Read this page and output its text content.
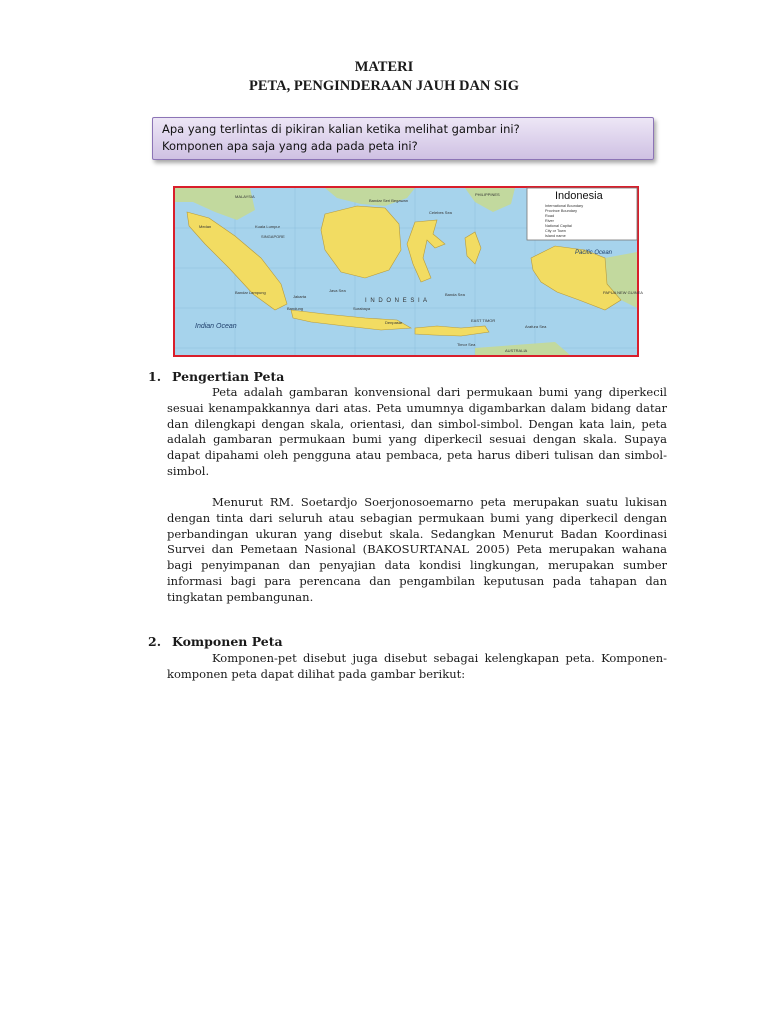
MATERI
PETA, PENGINDERAAN JAUH DAN SIG
Apa yang terlintas di pikiran kalian ketika melihat gambar ini?
Komponen apa saja yang ada pada peta ini?
Indonesia
International Boundary
Province Boundary
Road
River
National Capital
City or Town
Island name
Indian Ocean
Pacific Ocean
I N D O N E S I A
MALAYSIA	PHILIPPINES
Bandar Seri Begawan
Kuala Lumpur
SINGAPORE
Celebes Sea
Java Sea
Jakarta
Bandung	Surabaya
Denpasar
Banda Sea
Arafura Sea
PAPUA NEW GUINEA
AUSTRALIA
Timor Sea
EAST TIMOR
Bandar Lampung
Medan
1. Pengertian Peta

Peta adalah gambaran konvensional dari permukaan bumi yang diperkecil sesuai kenampakkannya dari atas. Peta umumnya digambarkan dalam bidang datar dan dilengkapi dengan skala, orientasi, dan simbol-simbol. Dengan kata lain, peta adalah gambaran permukaan bumi yang diperkecil sesuai dengan skala. Supaya dapat dipahami oleh pengguna atau pembaca, peta harus diberi tulisan dan simbol-simbol.

Menurut RM. Soetardjo Soerjonosoemarno peta merupakan suatu lukisan dengan tinta dari seluruh atau sebagian permukaan bumi yang diperkecil dengan perbandingan ukuran yang disebut skala. Sedangkan Menurut Badan Koordinasi Survei dan Pemetaan Nasional (BAKOSURTANAL 2005) Peta merupakan wahana bagi penyimpanan dan penyajian data kondisi lingkungan, merupakan sumber informasi bagi para perencana dan pengambilan keputusan pada tahapan dan tingkatan pembangunan.

2. Komponen Peta

Komponen-pet disebut juga disebut sebagai kelengkapan peta. Komponen-komponen peta dapat dilihat pada gambar berikut:
